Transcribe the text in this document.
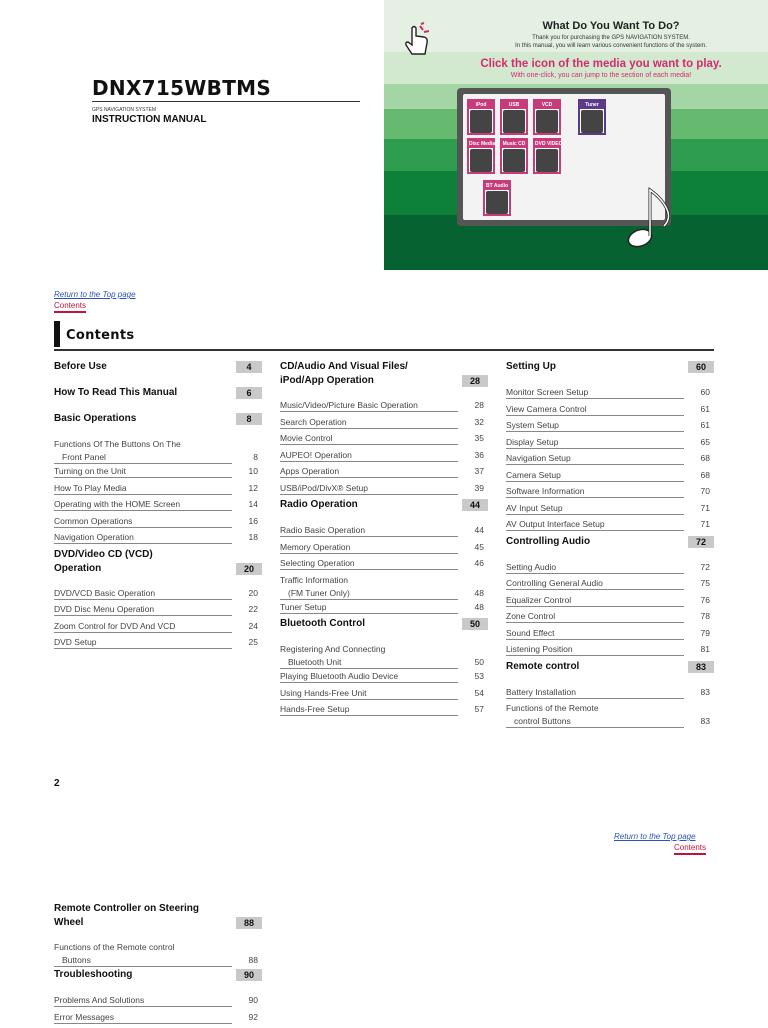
DNX715WBTMS
GPS NAVIGATION SYSTEM
INSTRUCTION MANUAL
What Do You Want To Do?
Thank you for purchasing the GPS NAVIGATION SYSTEM.
In this manual, you will learn various convenient functions of the system.
Click the icon of the media you want to play.
With one-click, you can jump to the section of each media!
iPod	USB	VCD	Tuner
Disc Media Music CD DVD VIDEO
BT Audio
Return to the Top page
Contents
Contents
Before Use	4
How To Read This Manual	6
Basic Operations	8
Functions Of The Buttons On The
Front Panel	8
Turning on the Unit	10
How To Play Media	12
Operating with the HOME Screen	14
Common Operations	16
Navigation Operation	18
DVD/Video CD (VCD)
Operation	20
DVD/VCD Basic Operation	20
DVD Disc Menu Operation	22
Zoom Control for DVD And VCD	24
DVD Setup	25
CD/Audio And Visual Files/
iPod/App Operation	28
Music/Video/Picture Basic Operation	28
Search Operation	32
Movie Control	35
AUPEO! Operation	36
Apps Operation	37
USB/iPod/DivX® Setup	39
Radio Operation	44
Radio Basic Operation	44
Memory Operation	45
Selecting Operation	46
Traffic Information
(FM Tuner Only)	48
Tuner Setup	48
Bluetooth Control	50
Registering And Connecting
Bluetooth Unit	50
Playing Bluetooth Audio Device	53
Using Hands-Free Unit	54
Hands-Free Setup	57
Setting Up	60
Monitor Screen Setup	60
View Camera Control	61
System Setup	61
Display Setup	65
Navigation Setup	68
Camera Setup	68
Software Information	70
AV Input Setup	71
AV Output Interface Setup	71
Controlling Audio	72
Setting Audio	72
Controlling General Audio	75
Equalizer Control	76
Zone Control	78
Sound Effect	79
Listening Position	81
Remote control	83
Battery Installation	83
Functions of the Remote
control Buttons	83
2
Return to the Top page
Contents
Remote Controller on Steering
Wheel	88
Functions of the Remote control
Buttons	88
Troubleshooting	90
Problems And Solutions	90
Error Messages	92
